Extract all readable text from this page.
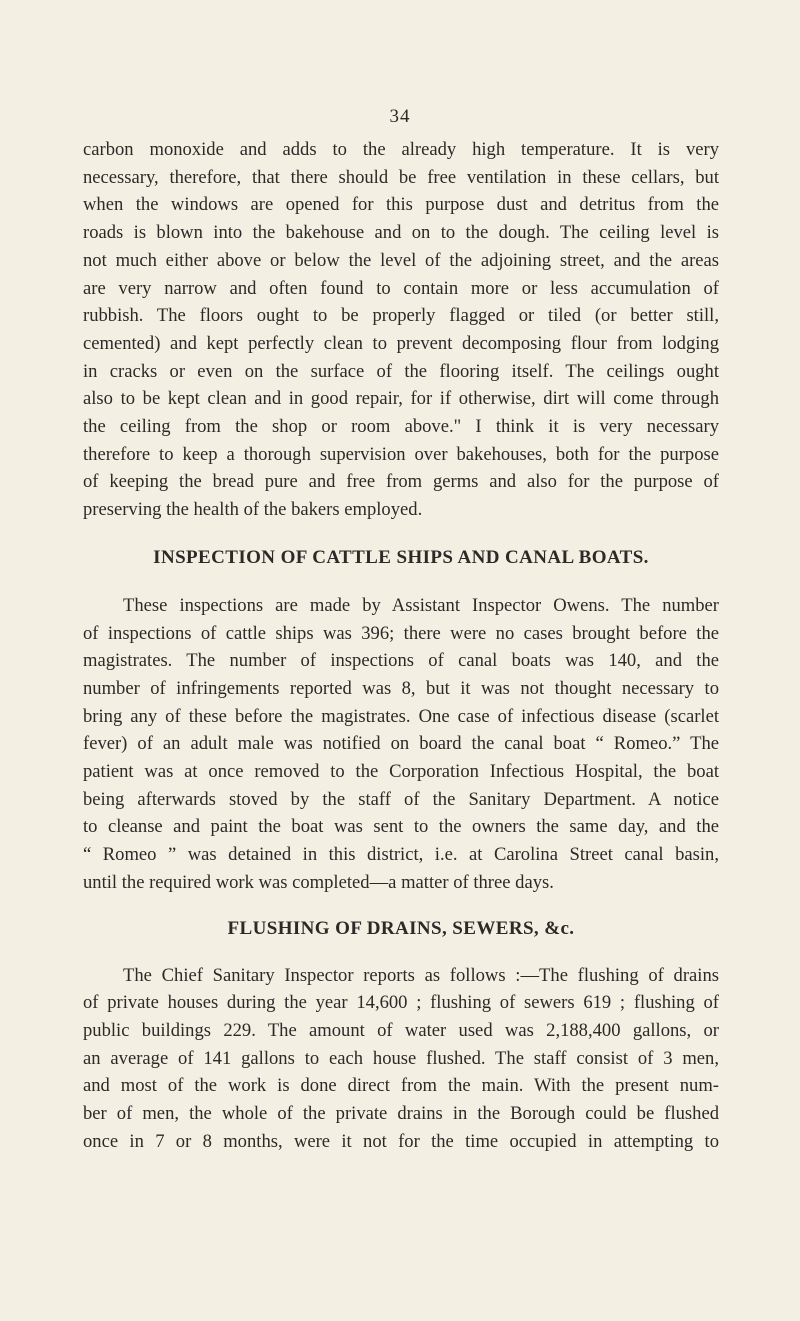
34

carbon monoxide and adds to the already high temperature. It is very
necessary, therefore, that there should be free ventilation in these cellars, but
when the windows are opened for this purpose dust and detritus from the
roads is blown into the bakehouse and on to the dough. The ceiling level is
not much either above or below the level of the adjoining street, and the areas
are very narrow and often found to contain more or less accumulation of
rubbish. The floors ought to be properly flagged or tiled (or better still,
cemented) and kept perfectly clean to prevent decomposing flour from lodging
in cracks or even on the surface of the flooring itself. The ceilings ought
also to be kept clean and in good repair, for if otherwise, dirt will come through
the ceiling from the shop or room above." I think it is very necessary
therefore to keep a thorough supervision over bakehouses, both for the purpose
of keeping the bread pure and free from germs and also for the purpose of
preserving the health of the bakers employed.

INSPECTION OF CATTLE SHIPS AND CANAL BOATS.

These inspections are made by Assistant Inspector Owens. The number
of inspections of cattle ships was 396; there were no cases brought before the
magistrates. The number of inspections of canal boats was 140, and the
number of infringements reported was 8, but it was not thought necessary to
bring any of these before the magistrates. One case of infectious disease (scarlet
fever) of an adult male was notified on board the canal boat “ Romeo.” The
patient was at once removed to the Corporation Infectious Hospital, the boat
being afterwards stoved by the staff of the Sanitary Department. A notice
to cleanse and paint the boat was sent to the owners the same day, and the
“ Romeo ” was detained in this district, i.e. at Carolina Street canal basin,
until the required work was completed—a matter of three days.

FLUSHING OF DRAINS, SEWERS, &c.

The Chief Sanitary Inspector reports as follows :—The flushing of drains
of private houses during the year 14,600 ; flushing of sewers 619 ; flushing of
public buildings 229. The amount of water used was 2,188,400 gallons, or
an average of 141 gallons to each house flushed. The staff consist of 3 men,
and most of the work is done direct from the main. With the present num-
ber of men, the whole of the private drains in the Borough could be flushed
once in 7 or 8 months, were it not for the time occupied in attempting to
